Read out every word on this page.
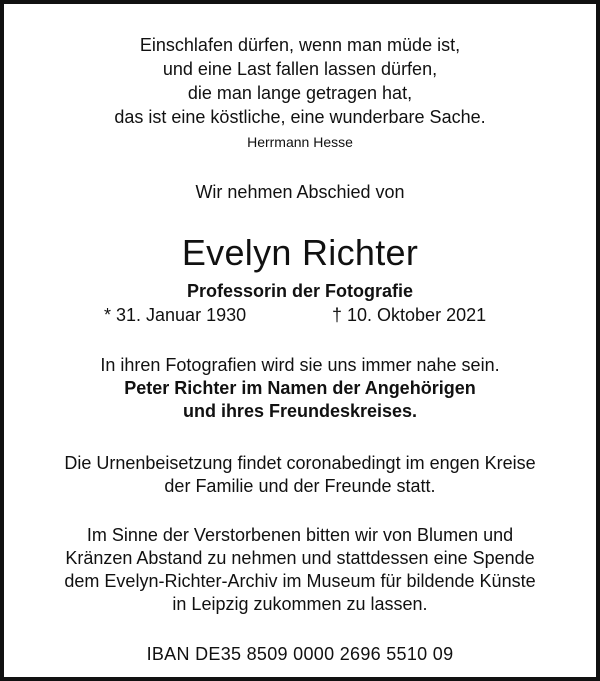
Einschlafen dürfen, wenn man müde ist,
und eine Last fallen lassen dürfen,
die man lange getragen hat,
das ist eine köstliche, eine wunderbare Sache.
Herrmann Hesse
Wir nehmen Abschied von
Evelyn Richter
Professorin der Fotografie
* 31. Januar 1930	† 10. Oktober 2021
In ihren Fotografien wird sie uns immer nahe sein.
Peter Richter im Namen der Angehörigen
und ihres Freundeskreises.
Die Urnenbeisetzung findet coronabedingt im engen Kreise
der Familie und der Freunde statt.
Im Sinne der Verstorbenen bitten wir von Blumen und
Kränzen Abstand zu nehmen und stattdessen eine Spende
dem Evelyn-Richter-Archiv im Museum für bildende Künste
in Leipzig zukommen zu lassen.
IBAN DE35 8509 0000 2696 5510 09
